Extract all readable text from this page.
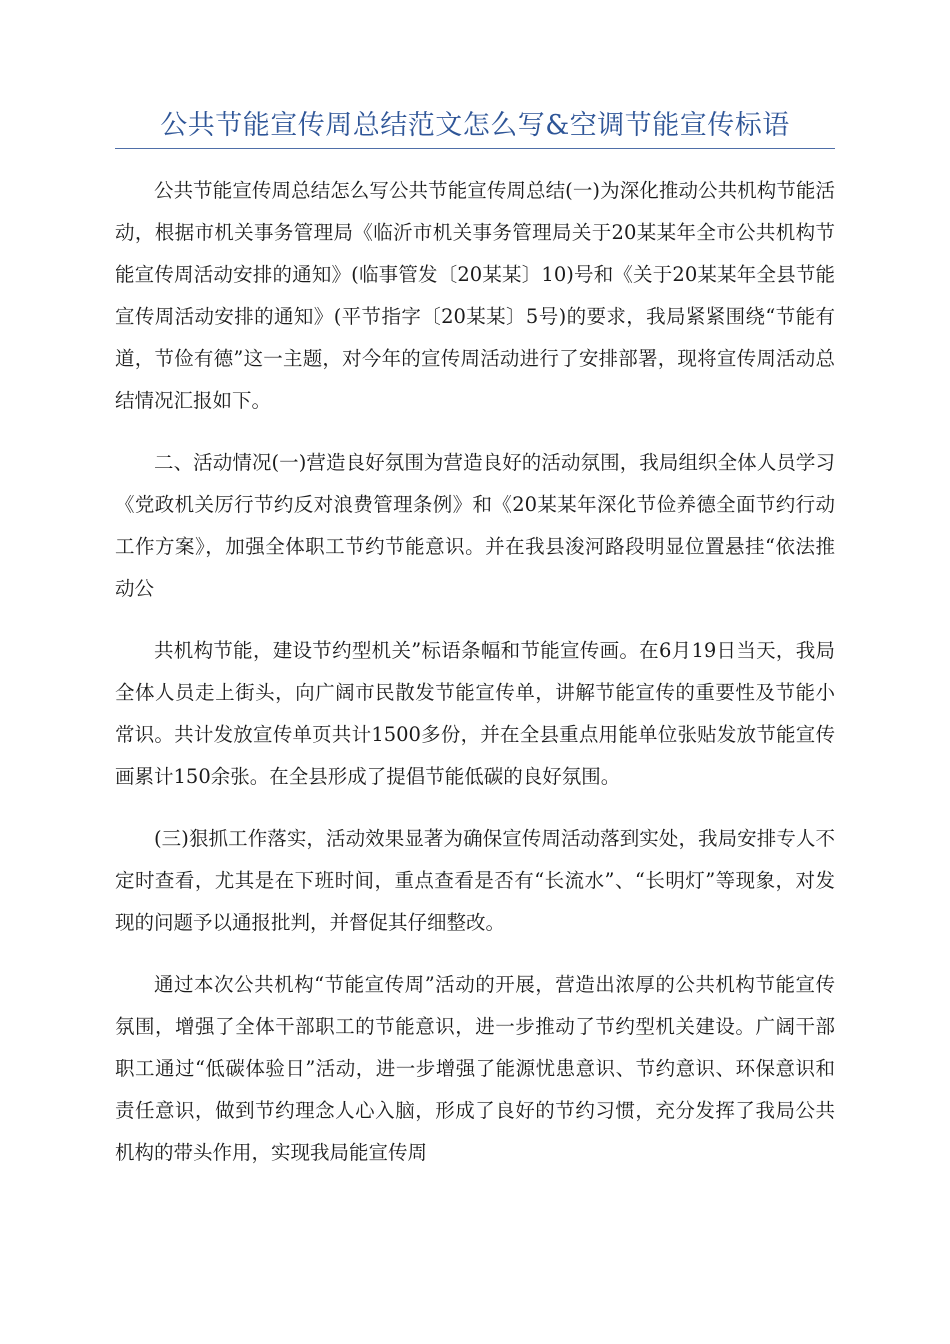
公共节能宣传周总结范文怎么写&空调节能宣传标语

公共节能宣传周总结怎么写公共节能宣传周总结(一)为深化推动公共机构节能活动，根据市机关事务管理局《临沂市机关事务管理局关于20某某年全市公共机构节能宣传周活动安排的通知》(临事管发〔20某某〕10)号和《关于20某某年全县节能宣传周活动安排的通知》(平节指字〔20某某〕5号)的要求，我局紧紧围绕“节能有道，节俭有德”这一主题，对今年的宣传周活动进行了安排部署，现将宣传周活动总结情况汇报如下。

二、活动情况(一)营造良好氛围为营造良好的活动氛围，我局组织全体人员学习《党政机关厉行节约反对浪费管理条例》和《20某某年深化节俭养德全面节约行动工作方案》，加强全体职工节约节能意识。并在我县浚河路段明显位置悬挂“依法推动公

共机构节能，建设节约型机关”标语条幅和节能宣传画。在6月19日当天，我局全体人员走上街头，向广阔市民散发节能宣传单，讲解节能宣传的重要性及节能小常识。共计发放宣传单页共计1500多份，并在全县重点用能单位张贴发放节能宣传画累计150余张。在全县形成了提倡节能低碳的良好氛围。

(三)狠抓工作落实，活动效果显著为确保宣传周活动落到实处，我局安排专人不定时查看，尤其是在下班时间，重点查看是否有“长流水”、“长明灯”等现象，对发现的问题予以通报批判，并督促其仔细整改。

通过本次公共机构“节能宣传周”活动的开展，营造出浓厚的公共机构节能宣传氛围，增强了全体干部职工的节能意识，进一步推动了节约型机关建设。广阔干部职工通过“低碳体验日”活动，进一步增强了能源忧患意识、节约意识、环保意识和责任意识，做到节约理念人心入脑，形成了良好的节约习惯，充分发挥了我局公共机构的带头作用，实现我局能宣传周
